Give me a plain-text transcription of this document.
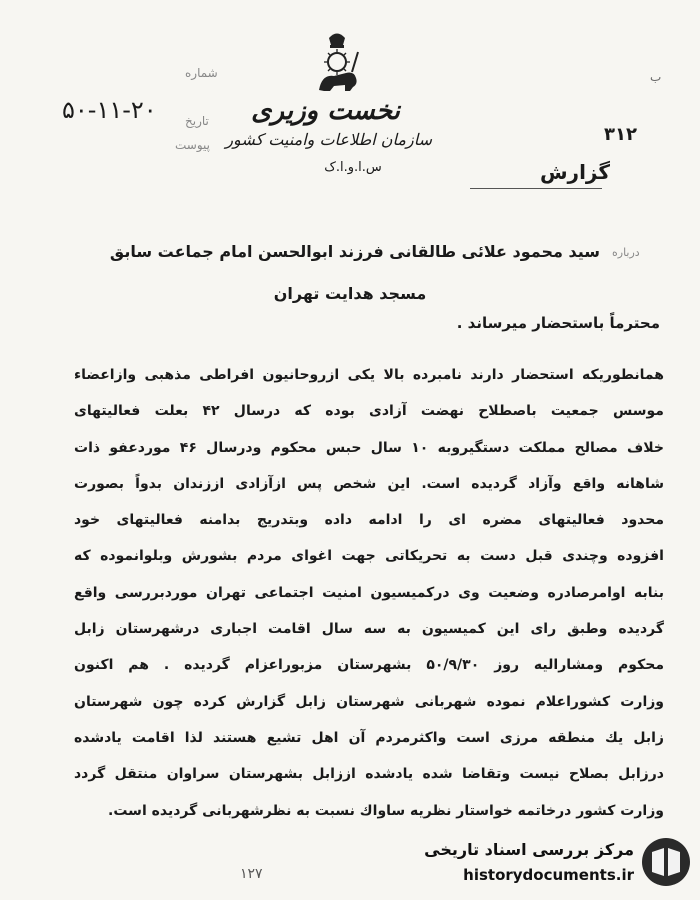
نخست وزیری
سازمان اطلاعات وامنیت کشور
س.ا.و.ا.ک
شماره
تاریخ
پیوست
۵۰-۱۱-۲۰
ب
۳۱۲
گزارش
درباره
سید محمود علائی طالقانی فرزند ابوالحسن امام جماعت سابق
مسجد هدایت تهران
محترماً باستحضار میرساند .
همانطوریکه استحضار دارند نامبرده بالا یکی ازروحانیون افراطی مذهبی وازاعضاء
موسس جمعیت باصطلاح نهضت آزادی بوده که درسال ۴۲ بعلت فعالیتهای
خلاف مصالح مملکت دستگیروبه ۱۰ سال حبس محکوم ودرسال ۴۶ موردعفو ذات
شاهانه واقع وآزاد گردیده است. این شخص پس ازآزادی اززندان بدواً بصورت
محدود فعالیتهای مضره ای را ادامه داده وبتدریج بدامنه فعالیتهای خود
افزوده وچندی قبل دست به تحریکاتی جهت اغوای مردم بشورش وبلوانموده که
بنابه اوامرصادره وضعیت وی درکمیسیون امنیت اجتماعی تهران موردبررسی واقع
گردیده وطبق رای این کمیسیون به سه سال اقامت اجباری درشهرستان زابل
محکوم ومشارالیه روز ۵۰/۹/۳۰ بشهرستان مزبوراعزام گردیده . هم اکنون
وزارت کشوراعلام نموده شهربانی شهرستان زابل گزارش کرده چون شهرستان
زابل یك منطقه مرزی است واکثرمردم آن اهل تشیع هستند لذا اقامت یادشده
درزابل بصلاح نیست وتقاضا شده یادشده اززابل بشهرستان سراوان منتقل گردد
وزارت کشور درخاتمه خواستار نظریه ساواك نسبت به نظرشهربانی گردیده است.
۱۲۷
مرکز بررسی اسناد تاریخی
historydocuments.ir
